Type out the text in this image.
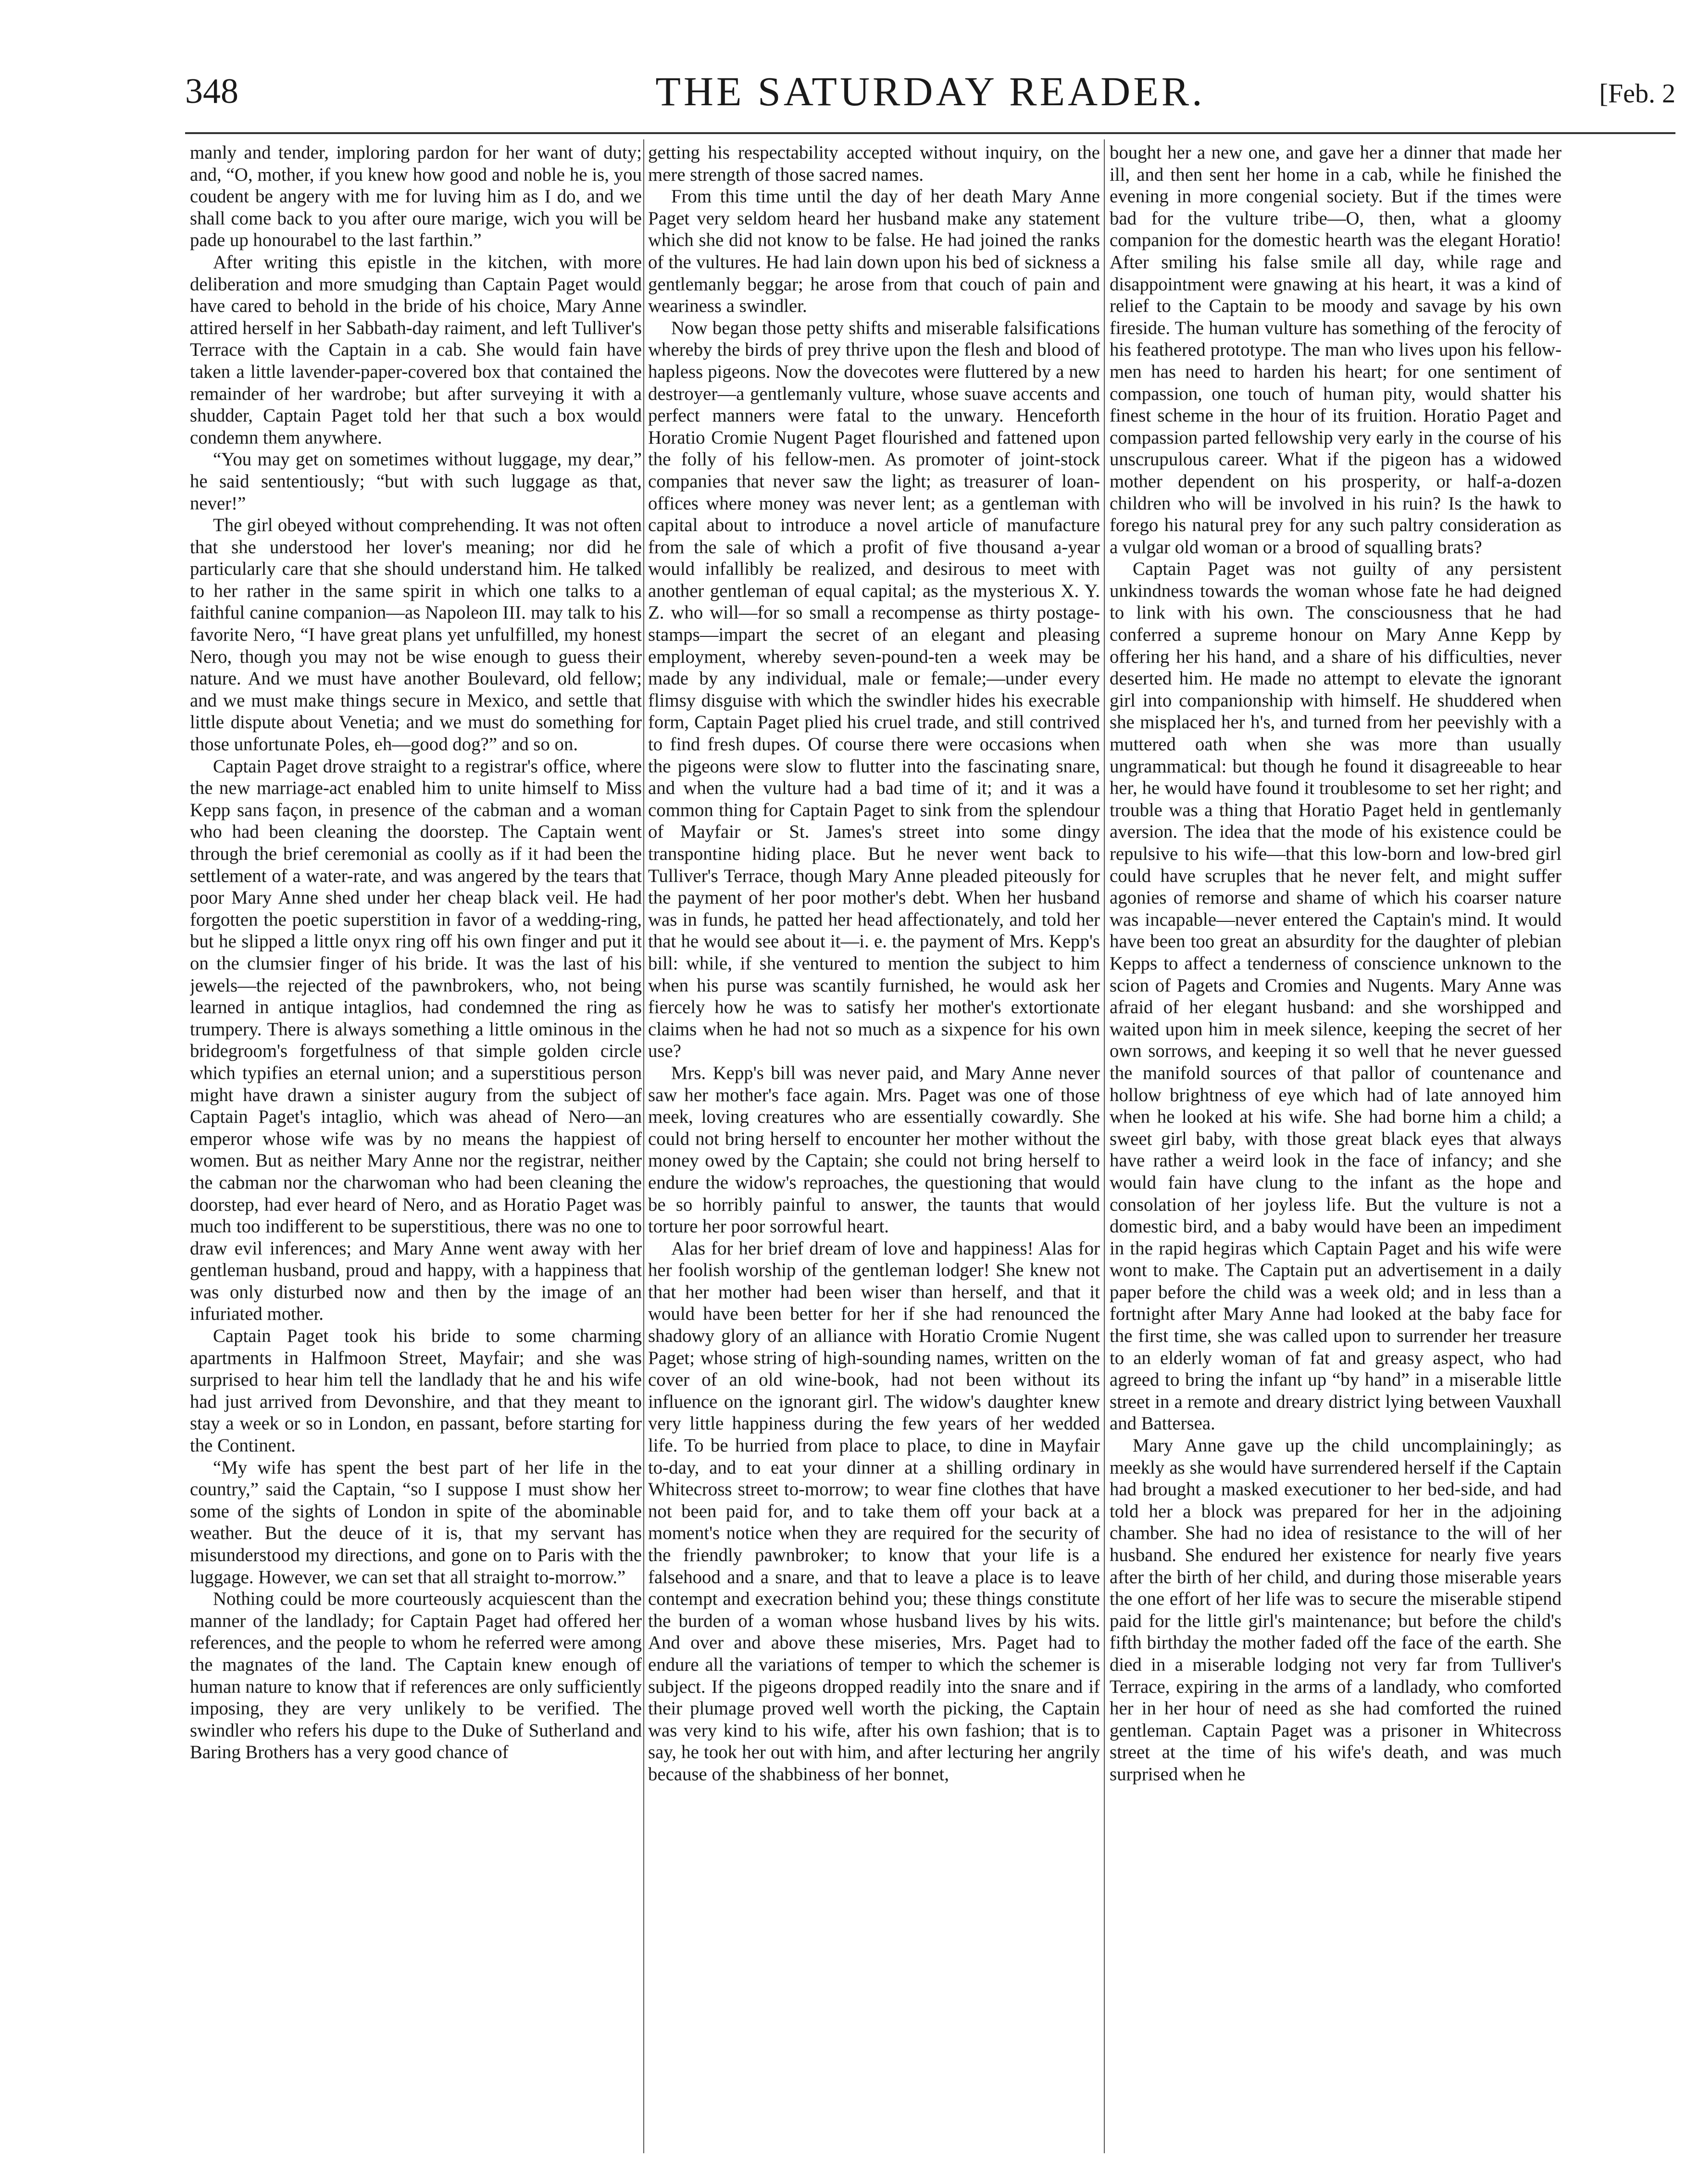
348	THE SATURDAY READER.	[Feb. 2

manly and tender, imploring pardon for her want of duty; and, “O, mother, if you knew how good and noble he is, you coudent be angery with me for luving him as I do, and we shall come back to you after oure marige, wich you will be pade up honourabel to the last farthin.”

After writing this epistle in the kitchen, with more deliberation and more smudging than Captain Paget would have cared to behold in the bride of his choice, Mary Anne attired herself in her Sabbath-day raiment, and left Tulliver's Terrace with the Captain in a cab. She would fain have taken a little lavender-paper-covered box that contained the remainder of her wardrobe; but after surveying it with a shudder, Captain Paget told her that such a box would condemn them anywhere.

“You may get on sometimes without luggage, my dear,” he said sententiously; “but with such luggage as that, never!”

The girl obeyed without comprehending. It was not often that she understood her lover's meaning; nor did he particularly care that she should understand him. He talked to her rather in the same spirit in which one talks to a faithful canine companion—as Napoleon III. may talk to his favorite Nero, “I have great plans yet unfulfilled, my honest Nero, though you may not be wise enough to guess their nature. And we must have another Boulevard, old fellow; and we must make things secure in Mexico, and settle that little dispute about Venetia; and we must do something for those unfortunate Poles, eh—good dog?” and so on.

Captain Paget drove straight to a registrar's office, where the new marriage-act enabled him to unite himself to Miss Kepp sans façon, in presence of the cabman and a woman who had been cleaning the doorstep. The Captain went through the brief ceremonial as coolly as if it had been the settlement of a water-rate, and was angered by the tears that poor Mary Anne shed under her cheap black veil. He had forgotten the poetic superstition in favor of a wedding-ring, but he slipped a little onyx ring off his own finger and put it on the clumsier finger of his bride. It was the last of his jewels—the rejected of the pawnbrokers, who, not being learned in antique intaglios, had condemned the ring as trumpery. There is always something a little ominous in the bridegroom's forgetfulness of that simple golden circle which typifies an eternal union; and a superstitious person might have drawn a sinister augury from the subject of Captain Paget's intaglio, which was ahead of Nero—an emperor whose wife was by no means the happiest of women. But as neither Mary Anne nor the registrar, neither the cabman nor the charwoman who had been cleaning the doorstep, had ever heard of Nero, and as Horatio Paget was much too indifferent to be superstitious, there was no one to draw evil inferences; and Mary Anne went away with her gentleman husband, proud and happy, with a happiness that was only disturbed now and then by the image of an infuriated mother.

Captain Paget took his bride to some charming apartments in Halfmoon Street, Mayfair; and she was surprised to hear him tell the landlady that he and his wife had just arrived from Devonshire, and that they meant to stay a week or so in London, en passant, before starting for the Continent.

“My wife has spent the best part of her life in the country,” said the Captain, “so I suppose I must show her some of the sights of London in spite of the abominable weather. But the deuce of it is, that my servant has misunderstood my directions, and gone on to Paris with the luggage. However, we can set that all straight to-morrow.”

Nothing could be more courteously acquiescent than the manner of the landlady; for Captain Paget had offered her references, and the people to whom he referred were among the magnates of the land. The Captain knew enough of human nature to know that if references are only sufficiently imposing, they are very unlikely to be verified. The swindler who refers his dupe to the Duke of Sutherland and Baring Brothers has a very good chance of

getting his respectability accepted without inquiry, on the mere strength of those sacred names.

From this time until the day of her death Mary Anne Paget very seldom heard her husband make any statement which she did not know to be false. He had joined the ranks of the vultures. He had lain down upon his bed of sickness a gentlemanly beggar; he arose from that couch of pain and weariness a swindler.

Now began those petty shifts and miserable falsifications whereby the birds of prey thrive upon the flesh and blood of hapless pigeons. Now the dovecotes were fluttered by a new destroyer—a gentlemanly vulture, whose suave accents and perfect manners were fatal to the unwary. Henceforth Horatio Cromie Nugent Paget flourished and fattened upon the folly of his fellow-men. As promoter of joint-stock companies that never saw the light; as treasurer of loan-offices where money was never lent; as a gentleman with capital about to introduce a novel article of manufacture from the sale of which a profit of five thousand a-year would infallibly be realized, and desirous to meet with another gentleman of equal capital; as the mysterious X. Y. Z. who will—for so small a recompense as thirty postage-stamps—impart the secret of an elegant and pleasing employment, whereby seven-pound-ten a week may be made by any individual, male or female;—under every flimsy disguise with which the swindler hides his execrable form, Captain Paget plied his cruel trade, and still contrived to find fresh dupes. Of course there were occasions when the pigeons were slow to flutter into the fascinating snare, and when the vulture had a bad time of it; and it was a common thing for Captain Paget to sink from the splendour of Mayfair or St. James's street into some dingy transpontine hiding place. But he never went back to Tulliver's Terrace, though Mary Anne pleaded piteously for the payment of her poor mother's debt. When her husband was in funds, he patted her head affectionately, and told her that he would see about it—i. e. the payment of Mrs. Kepp's bill: while, if she ventured to mention the subject to him when his purse was scantily furnished, he would ask her fiercely how he was to satisfy her mother's extortionate claims when he had not so much as a sixpence for his own use?

Mrs. Kepp's bill was never paid, and Mary Anne never saw her mother's face again. Mrs. Paget was one of those meek, loving creatures who are essentially cowardly. She could not bring herself to encounter her mother without the money owed by the Captain; she could not bring herself to endure the widow's reproaches, the questioning that would be so horribly painful to answer, the taunts that would torture her poor sorrowful heart.

Alas for her brief dream of love and happiness! Alas for her foolish worship of the gentleman lodger! She knew not that her mother had been wiser than herself, and that it would have been better for her if she had renounced the shadowy glory of an alliance with Horatio Cromie Nugent Paget; whose string of high-sounding names, written on the cover of an old wine-book, had not been without its influence on the ignorant girl. The widow's daughter knew very little happiness during the few years of her wedded life. To be hurried from place to place, to dine in Mayfair to-day, and to eat your dinner at a shilling ordinary in Whitecross street to-morrow; to wear fine clothes that have not been paid for, and to take them off your back at a moment's notice when they are required for the security of the friendly pawnbroker; to know that your life is a falsehood and a snare, and that to leave a place is to leave contempt and execration behind you; these things constitute the burden of a woman whose husband lives by his wits. And over and above these miseries, Mrs. Paget had to endure all the variations of temper to which the schemer is subject. If the pigeons dropped readily into the snare and if their plumage proved well worth the picking, the Captain was very kind to his wife, after his own fashion; that is to say, he took her out with him, and after lecturing her angrily because of the shabbiness of her bonnet,

bought her a new one, and gave her a dinner that made her ill, and then sent her home in a cab, while he finished the evening in more congenial society. But if the times were bad for the vulture tribe—O, then, what a gloomy companion for the domestic hearth was the elegant Horatio! After smiling his false smile all day, while rage and disappointment were gnawing at his heart, it was a kind of relief to the Captain to be moody and savage by his own fireside. The human vulture has something of the ferocity of his feathered prototype. The man who lives upon his fellow-men has need to harden his heart; for one sentiment of compassion, one touch of human pity, would shatter his finest scheme in the hour of its fruition. Horatio Paget and compassion parted fellowship very early in the course of his unscrupulous career. What if the pigeon has a widowed mother dependent on his prosperity, or half-a-dozen children who will be involved in his ruin? Is the hawk to forego his natural prey for any such paltry consideration as a vulgar old woman or a brood of squalling brats?

Captain Paget was not guilty of any persistent unkindness towards the woman whose fate he had deigned to link with his own. The consciousness that he had conferred a supreme honour on Mary Anne Kepp by offering her his hand, and a share of his difficulties, never deserted him. He made no attempt to elevate the ignorant girl into companionship with himself. He shuddered when she misplaced her h's, and turned from her peevishly with a muttered oath when she was more than usually ungrammatical: but though he found it disagreeable to hear her, he would have found it troublesome to set her right; and trouble was a thing that Horatio Paget held in gentlemanly aversion. The idea that the mode of his existence could be repulsive to his wife—that this low-born and low-bred girl could have scruples that he never felt, and might suffer agonies of remorse and shame of which his coarser nature was incapable—never entered the Captain's mind. It would have been too great an absurdity for the daughter of plebian Kepps to affect a tenderness of conscience unknown to the scion of Pagets and Cromies and Nugents. Mary Anne was afraid of her elegant husband: and she worshipped and waited upon him in meek silence, keeping the secret of her own sorrows, and keeping it so well that he never guessed the manifold sources of that pallor of countenance and hollow brightness of eye which had of late annoyed him when he looked at his wife. She had borne him a child; a sweet girl baby, with those great black eyes that always have rather a weird look in the face of infancy; and she would fain have clung to the infant as the hope and consolation of her joyless life. But the vulture is not a domestic bird, and a baby would have been an impediment in the rapid hegiras which Captain Paget and his wife were wont to make. The Captain put an advertisement in a daily paper before the child was a week old; and in less than a fortnight after Mary Anne had looked at the baby face for the first time, she was called upon to surrender her treasure to an elderly woman of fat and greasy aspect, who had agreed to bring the infant up “by hand” in a miserable little street in a remote and dreary district lying between Vauxhall and Battersea.

Mary Anne gave up the child uncomplainingly; as meekly as she would have surrendered herself if the Captain had brought a masked executioner to her bed-side, and had told her a block was prepared for her in the adjoining chamber. She had no idea of resistance to the will of her husband. She endured her existence for nearly five years after the birth of her child, and during those miserable years the one effort of her life was to secure the miserable stipend paid for the little girl's maintenance; but before the child's fifth birthday the mother faded off the face of the earth. She died in a miserable lodging not very far from Tulliver's Terrace, expiring in the arms of a landlady, who comforted her in her hour of need as she had comforted the ruined gentleman. Captain Paget was a prisoner in Whitecross street at the time of his wife's death, and was much surprised when he
